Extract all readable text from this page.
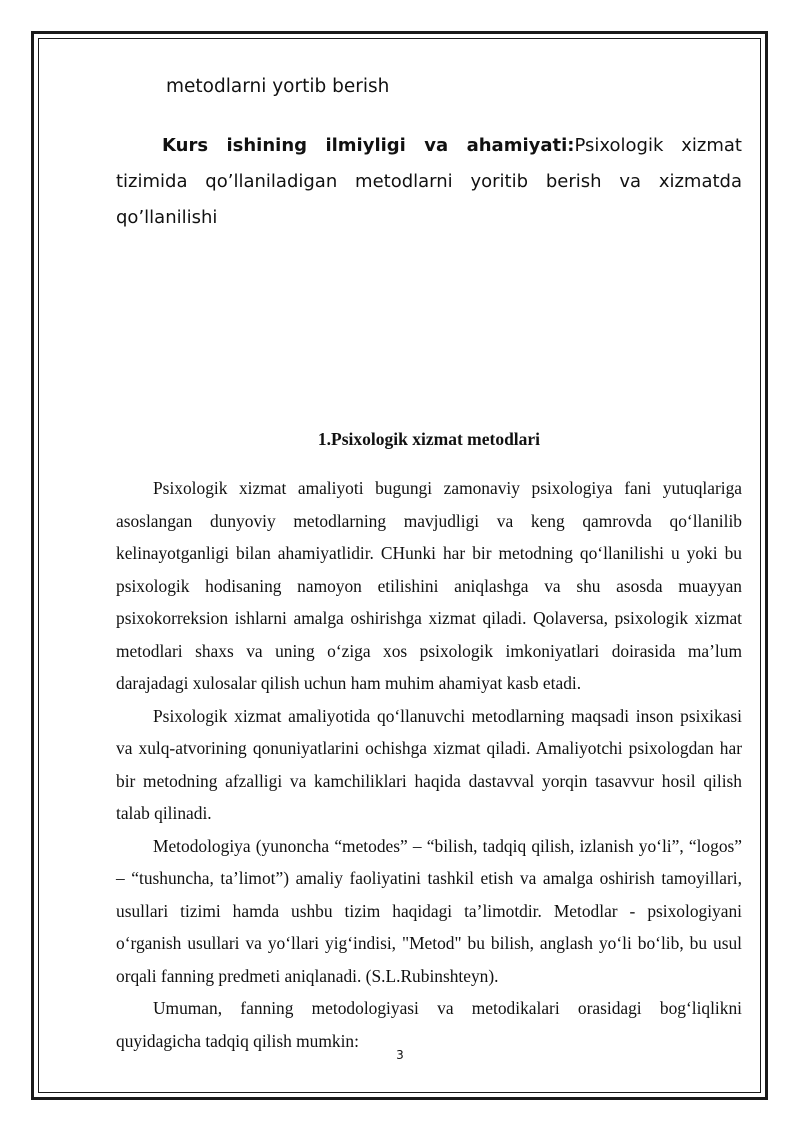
metodlarni yortib berish

Kurs ishining ilmiyligi va ahamiyati:Psixologik xizmat tizimida qo’llaniladigan metodlarni yoritib berish va xizmatda qo’llanilishi

1.Psixologik xizmat metodlari

Psixologik xizmat amaliyoti bugungi zamonaviy psixologiya fani yutuqlariga asoslangan dunyoviy metodlarning mavjudligi va keng qamrovda qo‘llanilib kelinayotganligi bilan ahamiyatlidir. CHunki har bir metodning qo‘llanilishi u yoki bu psixologik hodisaning namoyon etilishini aniqlashga va shu asosda muayyan psixokorreksion ishlarni amalga oshirishga xizmat qiladi. Qolaversa, psixologik xizmat metodlari shaxs va uning o‘ziga xos psixologik imkoniyatlari doirasida ma’lum darajadagi xulosalar qilish uchun ham muhim ahamiyat kasb etadi.

Psixologik xizmat amaliyotida qo‘llanuvchi metodlarning maqsadi inson psixikasi va xulq-atvorining qonuniyatlarini ochishga xizmat qiladi. Amaliyotchi psixologdan har bir metodning afzalligi va kamchiliklari haqida dastavval yorqin tasavvur hosil qilish talab qilinadi.

Metodologiya (yunoncha “metodes” – “bilish, tadqiq qilish, izlanish yo‘li”, “logos” – “tushuncha, ta’limot”) amaliy faoliyatini tashkil etish va amalga oshirish tamoyillari, usullari tizimi hamda ushbu tizim haqidagi ta’limotdir. Metodlar - psixologiyani o‘rganish usullari va yo‘llari yig‘indisi, "Metod" bu bilish, anglash yo‘li bo‘lib, bu usul orqali fanning predmeti aniqlanadi. (S.L.Rubinshteyn).

Umuman, fanning metodologiyasi va metodikalari orasidagi bog‘liqlikni quyidagicha tadqiq qilish mumkin:

3
